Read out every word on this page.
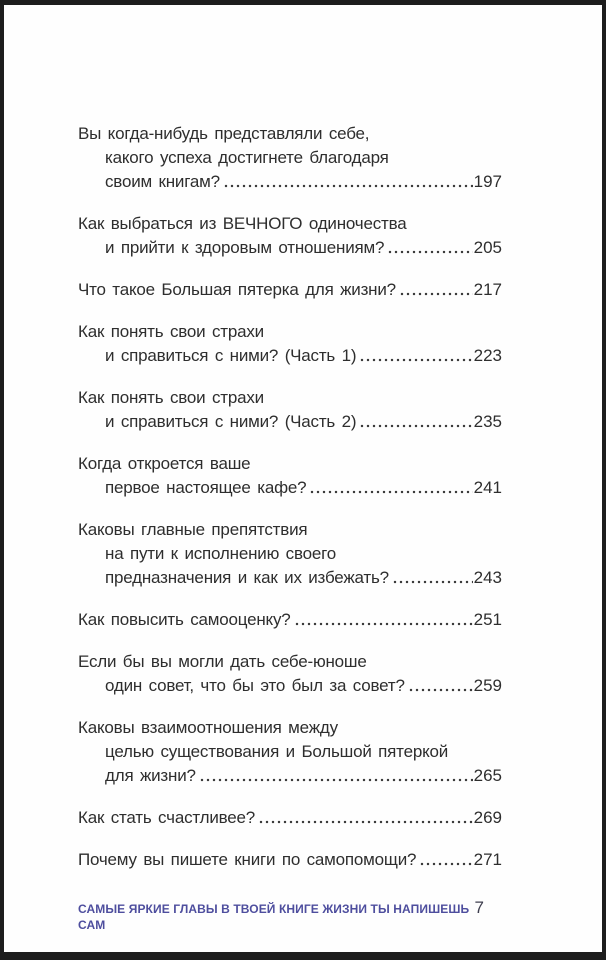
Вы когда-нибудь представляли себе,
какого успеха достигнете благодаря
своим книгам?	197
Как выбраться из ВЕЧНОГО одиночества
и прийти к здоровым отношениям?	205
Что такое Большая пятерка для жизни?	217
Как понять свои страхи
и справиться с ними? (Часть 1)	223
Как понять свои страхи
и справиться с ними? (Часть 2)	235
Когда откроется ваше
первое настоящее кафе?	241
Каковы главные препятствия
на пути к исполнению своего
предназначения и как их избежать?	243
Как повысить самооценку?	251
Если бы вы могли дать себе-юноше
один совет, что бы это был за совет?	259
Каковы взаимоотношения между
целью существования и Большой пятеркой
для жизни?	265
Как стать счастливее?	269
Почему вы пишете книги по самопомощи?	271
САМЫЕ ЯРКИЕ ГЛАВЫ В ТВОЕЙ КНИГЕ ЖИЗНИ ТЫ НАПИШЕШЬ САМ
7
